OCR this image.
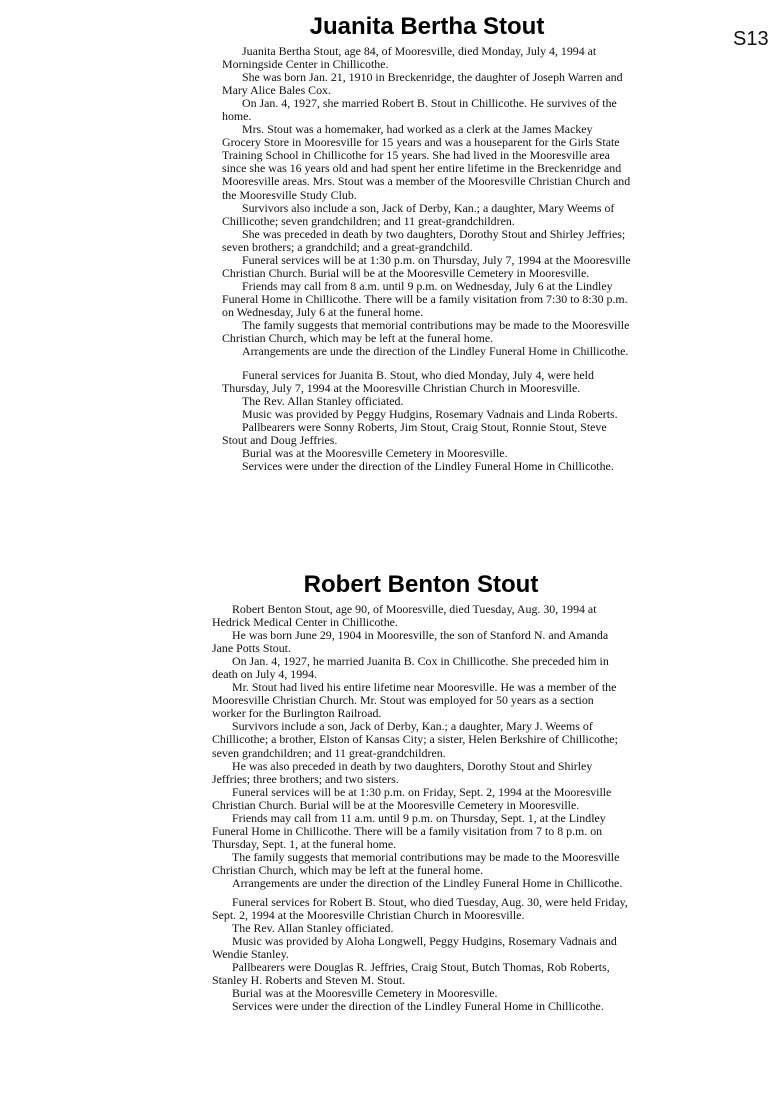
S13
Juanita Bertha Stout

Juanita Bertha Stout, age 84, of Mooresville, died Monday, July 4, 1994 at Morningside Center in Chillicothe.

She was born Jan. 21, 1910 in Breckenridge, the daughter of Joseph Warren and Mary Alice Bales Cox.

On Jan. 4, 1927, she married Robert B. Stout in Chillicothe. He survives of the home.

Mrs. Stout was a homemaker, had worked as a clerk at the James Mackey Grocery Store in Mooresville for 15 years and was a houseparent for the Girls State Training School in Chillicothe for 15 years. She had lived in the Mooresville area since she was 16 years old and had spent her entire lifetime in the Breckenridge and Mooresville areas. Mrs. Stout was a member of the Mooresville Christian Church and the Mooresville Study Club.

Survivors also include a son, Jack of Derby, Kan.; a daughter, Mary Weems of Chillicothe; seven grandchildren; and 11 great-grandchildren.

She was preceded in death by two daughters, Dorothy Stout and Shirley Jeffries; seven brothers; a grandchild; and a great-grandchild.

Funeral services will be at 1:30 p.m. on Thursday, July 7, 1994 at the Mooresville Christian Church. Burial will be at the Mooresville Cemetery in Mooresville.

Friends may call from 8 a.m. until 9 p.m. on Wednesday, July 6 at the Lindley Funeral Home in Chillicothe. There will be a family visitation from 7:30 to 8:30 p.m. on Wednesday, July 6 at the funeral home.

The family suggests that memorial contributions may be made to the Mooresville Christian Church, which may be left at the funeral home.

Arrangements are unde the direction of the Lindley Funeral Home in Chillicothe.

Funeral services for Juanita B. Stout, who died Monday, July 4, were held Thursday, July 7, 1994 at the Mooresville Christian Church in Mooresville.

The Rev. Allan Stanley officiated.

Music was provided by Peggy Hudgins, Rosemary Vadnais and Linda Roberts.

Pallbearers were Sonny Roberts, Jim Stout, Craig Stout, Ronnie Stout, Steve Stout and Doug Jeffries.

Burial was at the Mooresville Cemetery in Mooresville.

Services were under the direction of the Lindley Funeral Home in Chillicothe.

Robert Benton Stout

Robert Benton Stout, age 90, of Mooresville, died Tuesday, Aug. 30, 1994 at Hedrick Medical Center in Chillicothe.

He was born June 29, 1904 in Mooresville, the son of Stanford N. and Amanda Jane Potts Stout.

On Jan. 4, 1927, he married Juanita B. Cox in Chillicothe. She preceded him in death on July 4, 1994.

Mr. Stout had lived his entire lifetime near Mooresville. He was a member of the Mooresville Christian Church. Mr. Stout was employed for 50 years as a section worker for the Burlington Railroad.

Survivors include a son, Jack of Derby, Kan.; a daughter, Mary J. Weems of Chillicothe; a brother, Elston of Kansas City; a sister, Helen Berkshire of Chillicothe; seven grandchildren; and 11 great-grandchildren.

He was also preceded in death by two daughters, Dorothy Stout and Shirley Jeffries; three brothers; and two sisters.

Funeral services will be at 1:30 p.m. on Friday, Sept. 2, 1994 at the Mooresville Christian Church. Burial will be at the Mooresville Cemetery in Mooresville.

Friends may call from 11 a.m. until 9 p.m. on Thursday, Sept. 1, at the Lindley Funeral Home in Chillicothe. There will be a family visitation from 7 to 8 p.m. on Thursday, Sept. 1, at the funeral home.

The family suggests that memorial contributions may be made to the Mooresville Christian Church, which may be left at the funeral home.

Arrangements are under the direction of the Lindley Funeral Home in Chillicothe.

Funeral services for Robert B. Stout, who died Tuesday, Aug. 30, were held Friday, Sept. 2, 1994 at the Mooresville Christian Church in Mooresville.

The Rev. Allan Stanley officiated.

Music was provided by Aloha Longwell, Peggy Hudgins, Rosemary Vadnais and Wendie Stanley.

Pallbearers were Douglas R. Jeffries, Craig Stout, Butch Thomas, Rob Roberts, Stanley H. Roberts and Steven M. Stout.

Burial was at the Mooresville Cemetery in Mooresville.

Services were under the direction of the Lindley Funeral Home in Chillicothe.
